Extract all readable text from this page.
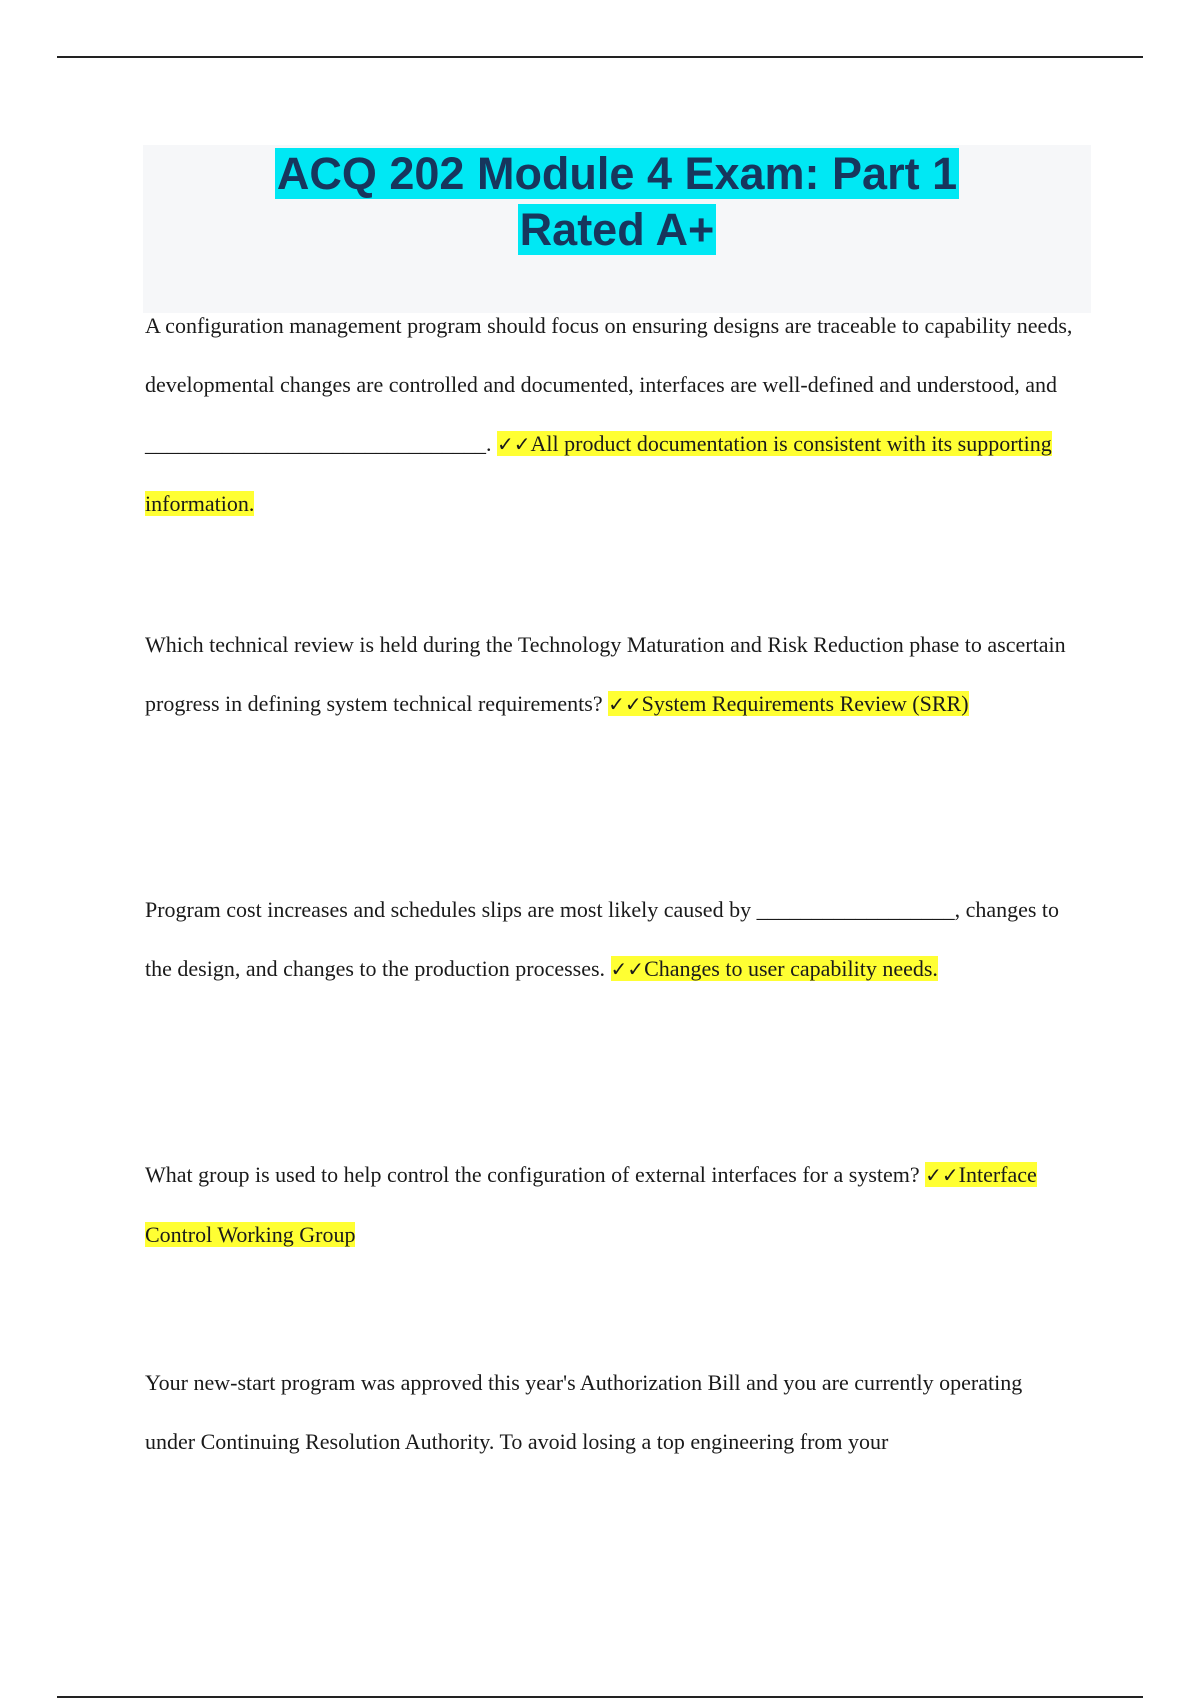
ACQ 202 Module 4 Exam: Part 1
Rated A+

A configuration management program should focus on ensuring designs are traceable to capability needs, developmental changes are controlled and documented, interfaces are well-defined and understood, and _______________________________. ✓✓All product documentation is consistent with its supporting information.

Which technical review is held during the Technology Maturation and Risk Reduction phase to ascertain progress in defining system technical requirements? ✓✓System Requirements Review (SRR)

Program cost increases and schedules slips are most likely caused by __________________, changes to the design, and changes to the production processes. ✓✓Changes to user capability needs.

What group is used to help control the configuration of external interfaces for a system? ✓✓Interface Control Working Group

Your new-start program was approved this year's Authorization Bill and you are currently operating under Continuing Resolution Authority. To avoid losing a top engineering from your
